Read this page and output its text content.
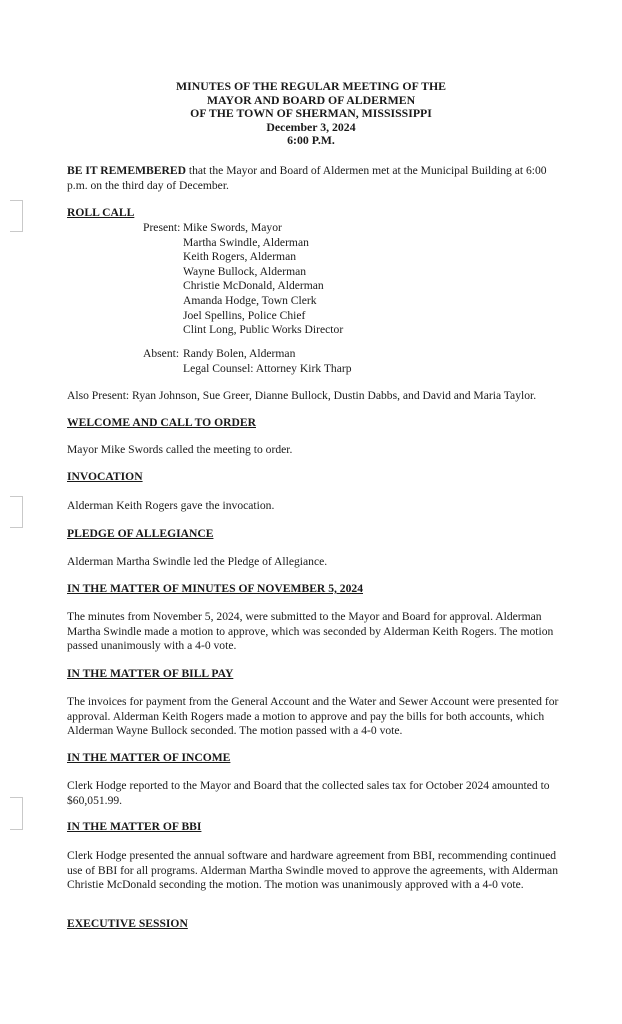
MINUTES OF THE REGULAR MEETING OF THE
MAYOR AND BOARD OF ALDERMEN
OF THE TOWN OF SHERMAN, MISSISSIPPI
December 3, 2024
6:00 P.M.

BE IT REMEMBERED that the Mayor and Board of Aldermen met at the Municipal Building at 6:00 p.m. on the third day of December.

ROLL CALL

Present: Mike Swords, Mayor
Martha Swindle, Alderman
Keith Rogers, Alderman
Wayne Bullock, Alderman
Christie McDonald, Alderman
Amanda Hodge, Town Clerk
Joel Spellins, Police Chief
Clint Long, Public Works Director
Absent: Randy Bolen, Alderman
Legal Counsel: Attorney Kirk Tharp

Also Present: Ryan Johnson, Sue Greer, Dianne Bullock, Dustin Dabbs, and David and Maria Taylor.

WELCOME AND CALL TO ORDER

Mayor Mike Swords called the meeting to order.

INVOCATION

Alderman Keith Rogers gave the invocation.

PLEDGE OF ALLEGIANCE

Alderman Martha Swindle led the Pledge of Allegiance.

IN THE MATTER OF MINUTES OF NOVEMBER 5, 2024

The minutes from November 5, 2024, were submitted to the Mayor and Board for approval. Alderman Martha Swindle made a motion to approve, which was seconded by Alderman Keith Rogers. The motion passed unanimously with a 4-0 vote.

IN THE MATTER OF BILL PAY

The invoices for payment from the General Account and the Water and Sewer Account were presented for approval. Alderman Keith Rogers made a motion to approve and pay the bills for both accounts, which Alderman Wayne Bullock seconded. The motion passed with a 4-0 vote.

IN THE MATTER OF INCOME

Clerk Hodge reported to the Mayor and Board that the collected sales tax for October 2024 amounted to $60,051.99.

IN THE MATTER OF BBI

Clerk Hodge presented the annual software and hardware agreement from BBI, recommending continued use of BBI for all programs. Alderman Martha Swindle moved to approve the agreements, with Alderman Christie McDonald seconding the motion. The motion was unanimously approved with a 4-0 vote.

EXECUTIVE SESSION
